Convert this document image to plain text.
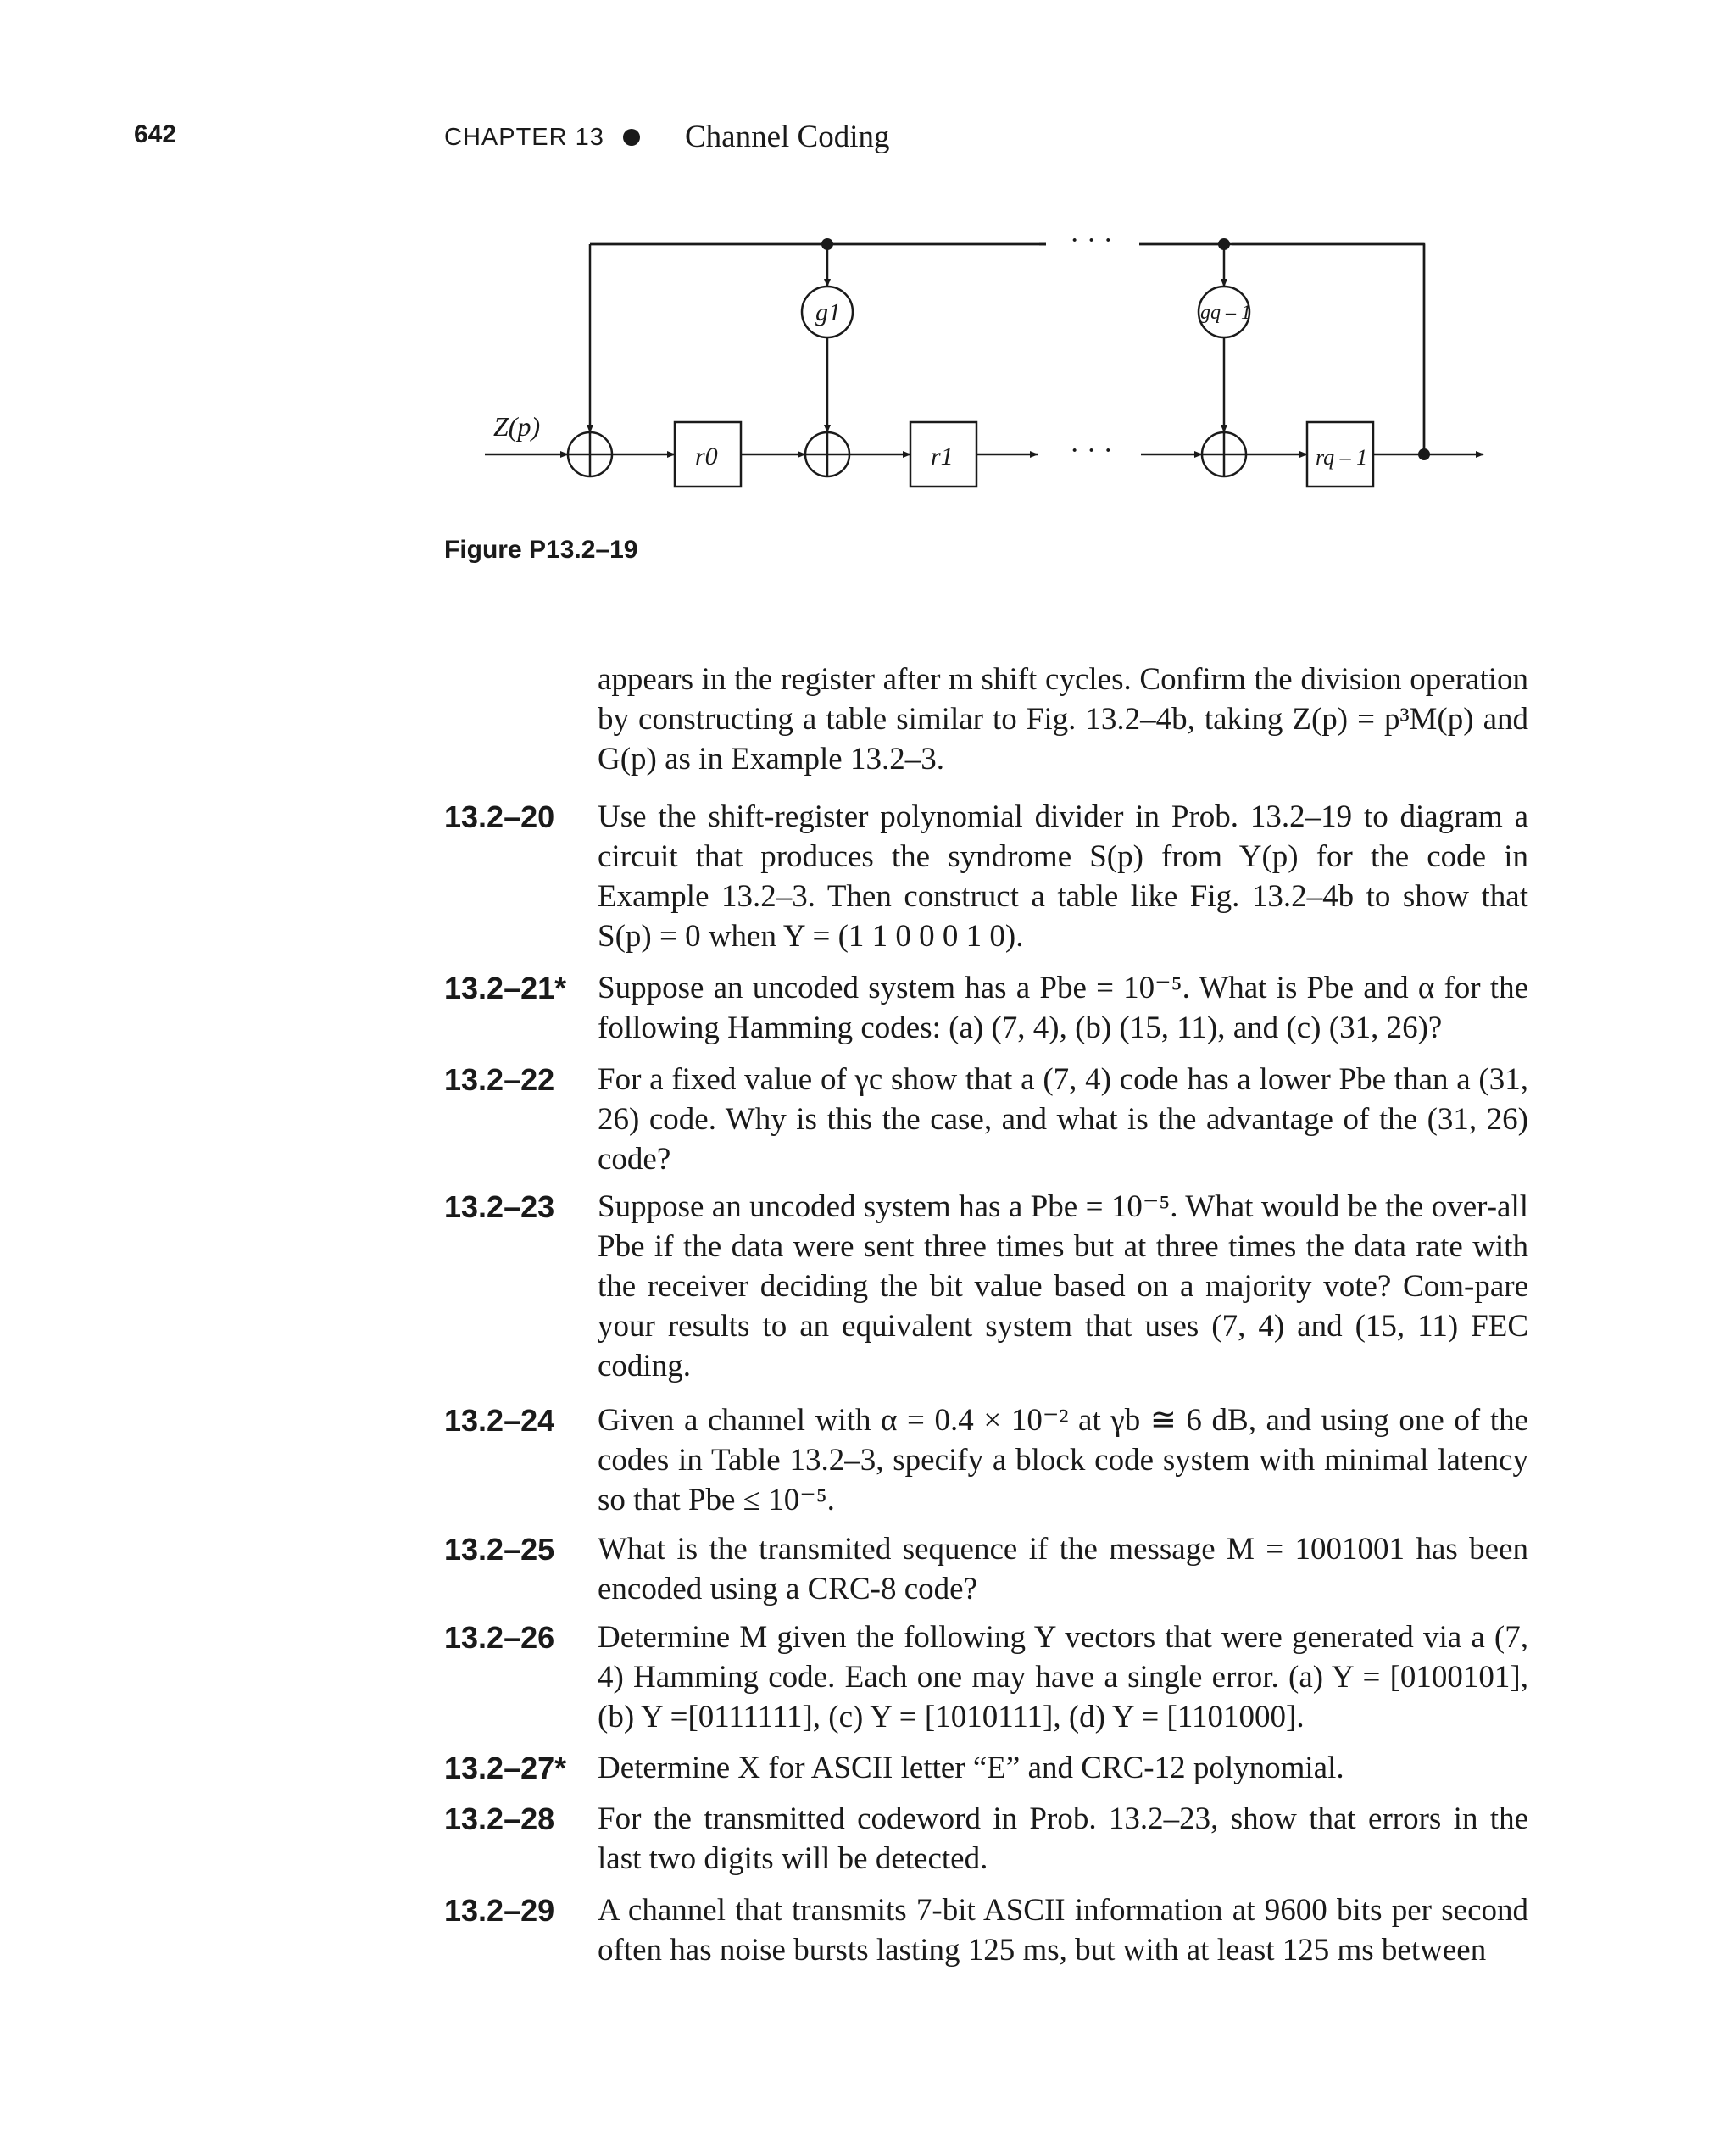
642	CHAPTER 13	Channel Coding
Z(p)
r0	r1	rq – 1
g1	gq – 1
· · ·
· · ·
Figure P13.2–19
appears in the register after m shift cycles. Confirm the division operation by constructing a table similar to Fig. 13.2–4b, taking Z(p) = p³M(p) and G(p) as in Example 13.2–3.
13.2–20 Use the shift-register polynomial divider in Prob. 13.2–19 to diagram a circuit that produces the syndrome S(p) from Y(p) for the code in Example 13.2–3. Then construct a table like Fig. 13.2–4b to show that S(p) = 0 when Y = (1 1 0 0 0 1 0).
13.2–21* Suppose an uncoded system has a Pbe = 10⁻⁵. What is Pbe and α for the following Hamming codes: (a) (7, 4), (b) (15, 11), and (c) (31, 26)?
13.2–22 For a fixed value of γc show that a (7, 4) code has a lower Pbe than a (31, 26) code. Why is this the case, and what is the advantage of the (31, 26) code?
13.2–23 Suppose an uncoded system has a Pbe = 10⁻⁵. What would be the over-all Pbe if the data were sent three times but at three times the data rate with the receiver deciding the bit value based on a majority vote? Com-pare your results to an equivalent system that uses (7, 4) and (15, 11) FEC coding.
13.2–24 Given a channel with α = 0.4 × 10⁻² at γb ≅ 6 dB, and using one of the codes in Table 13.2–3, specify a block code system with minimal latency so that Pbe ≤ 10⁻⁵.
13.2–25 What is the transmited sequence if the message M = 1001001 has been encoded using a CRC-8 code?
13.2–26 Determine M given the following Y vectors that were generated via a (7, 4) Hamming code. Each one may have a single error. (a) Y = [0100101], (b) Y =[0111111], (c) Y = [1010111], (d) Y = [1101000].
13.2–27* Determine X for ASCII letter “E” and CRC-12 polynomial.
13.2–28 For the transmitted codeword in Prob. 13.2–23, show that errors in the last two digits will be detected.
13.2–29 A channel that transmits 7-bit ASCII information at 9600 bits per second often has noise bursts lasting 125 ms, but with at least 125 ms between
